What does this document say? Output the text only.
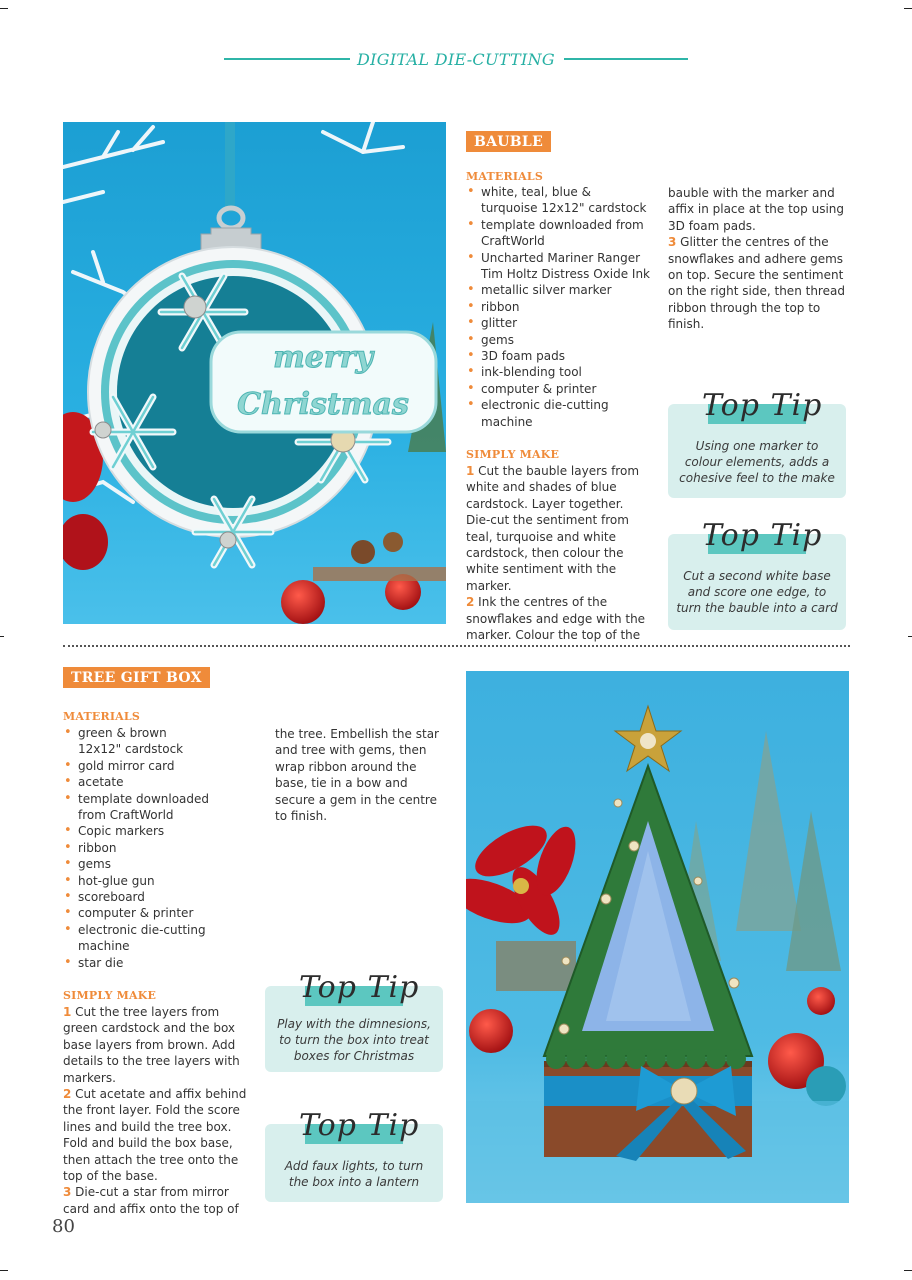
DIGITAL DIE-CUTTING
merry
Christmas
BAUBLE
MATERIALS
• white, teal, blue & turquoise 12x12" cardstock
• template downloaded from CraftWorld
• Uncharted Mariner Ranger Tim Holtz Distress Oxide Ink
• metallic silver marker
• ribbon
• glitter
• gems
• 3D foam pads
• ink-blending tool
• computer & printer
• electronic die-cutting machine
SIMPLY MAKE

1 Cut the bauble layers from white and shades of blue cardstock. Layer together. Die-cut the sentiment from teal, turquoise and white cardstock, then colour the white sentiment with the marker.

2 Ink the centres of the snowflakes and edge with the marker. Colour the top of the

bauble with the marker and affix in place at the top using 3D foam pads.

3 Glitter the centres of the snowflakes and adhere gems on top. Secure the sentiment on the right side, then thread ribbon through the top to finish.

Top Tip
Using one marker to colour elements, adds a cohesive feel to the make
Top Tip
Cut a second white base and score one edge, to turn the bauble into a card
TREE GIFT BOX
MATERIALS
• green & brown 12x12" cardstock
• gold mirror card
• acetate
• template downloaded from CraftWorld
• Copic markers
• ribbon
• gems
• hot-glue gun
• scoreboard
• computer & printer
• electronic die-cutting machine
• star die
SIMPLY MAKE

1 Cut the tree layers from green cardstock and the box base layers from brown. Add details to the tree layers with markers.

2 Cut acetate and affix behind the front layer. Fold the score lines and build the tree box. Fold and build the box base, then attach the tree onto the top of the base.

3 Die-cut a star from mirror card and affix onto the top of

the tree. Embellish the star and tree with gems, then wrap ribbon around the base, tie in a bow and secure a gem in the centre to finish.

Top Tip
Play with the dimnesions, to turn the box into treat boxes for Christmas
Top Tip
Add faux lights, to turn the box into a lantern
80
